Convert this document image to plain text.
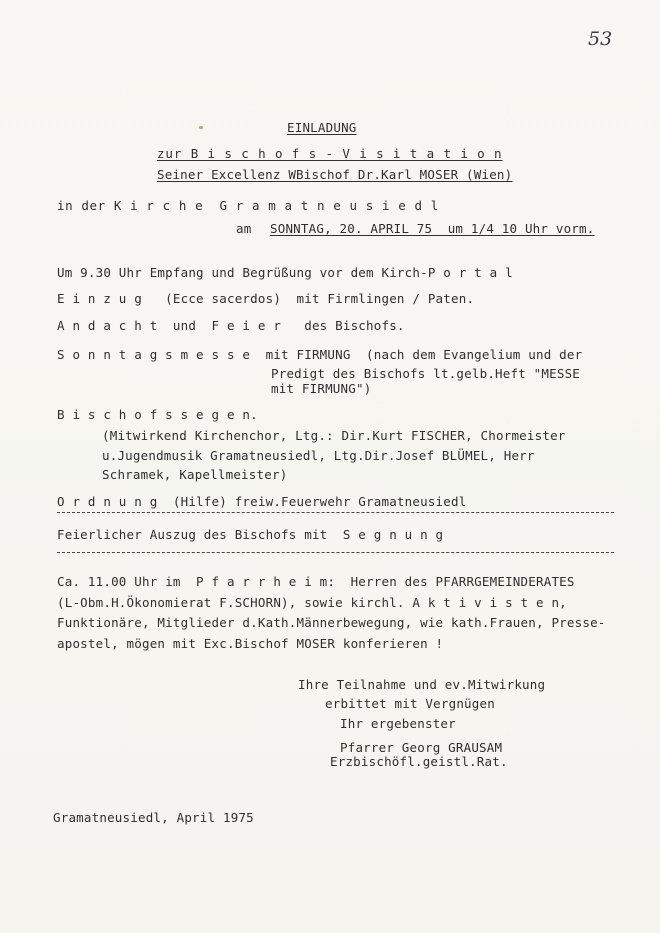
53
EINLADUNG
zur B i s c h o f s - V i s i t a t i o n
Seiner Excellenz WBischof Dr.Karl MOSER (Wien)
in der K i r c h e  G r a m a t n e u s i e d l
am SONNTAG, 20. APRIL 75  um 1/4 10 Uhr vorm.
Um 9.30 Uhr Empfang und Begrüßung vor dem Kirch-P o r t a l
E i n z u g   (Ecce sacerdos)  mit Firmlingen / Paten.
A n d a c h t  und  F e i e r   des Bischofs.
S o n n t a g s m e s s e  mit FIRMUNG  (nach dem Evangelium und der
Predigt des Bischofs lt.gelb.Heft "MESSE
mit FIRMUNG")
B i s c h o f s s e g e n.
(Mitwirkend Kirchenchor, Ltg.: Dir.Kurt FISCHER, Chormeister
u.Jugendmusik Gramatneusiedl, Ltg.Dir.Josef BLÜMEL, Herr
Schramek, Kapellmeister)
O r d n u n g  (Hilfe) freiw.Feuerwehr Gramatneusiedl
Feierlicher Auszug des Bischofs mit  S e g n u n g
Ca. 11.00 Uhr im  P f a r r h e i m:  Herren des PFARRGEMEINDERATES
(L-Obm.H.Ökonomierat F.SCHORN), sowie kirchl. A k t i v i s t e n,
Funktionäre, Mitglieder d.Kath.Männerbewegung, wie kath.Frauen, Presse-
apostel, mögen mit Exc.Bischof MOSER konferieren !
Ihre Teilnahme und ev.Mitwirkung
erbittet mit Vergnügen
Ihr ergebenster
Pfarrer Georg GRAUSAM
Erzbischöfl.geistl.Rat.
Gramatneusiedl, April 1975
